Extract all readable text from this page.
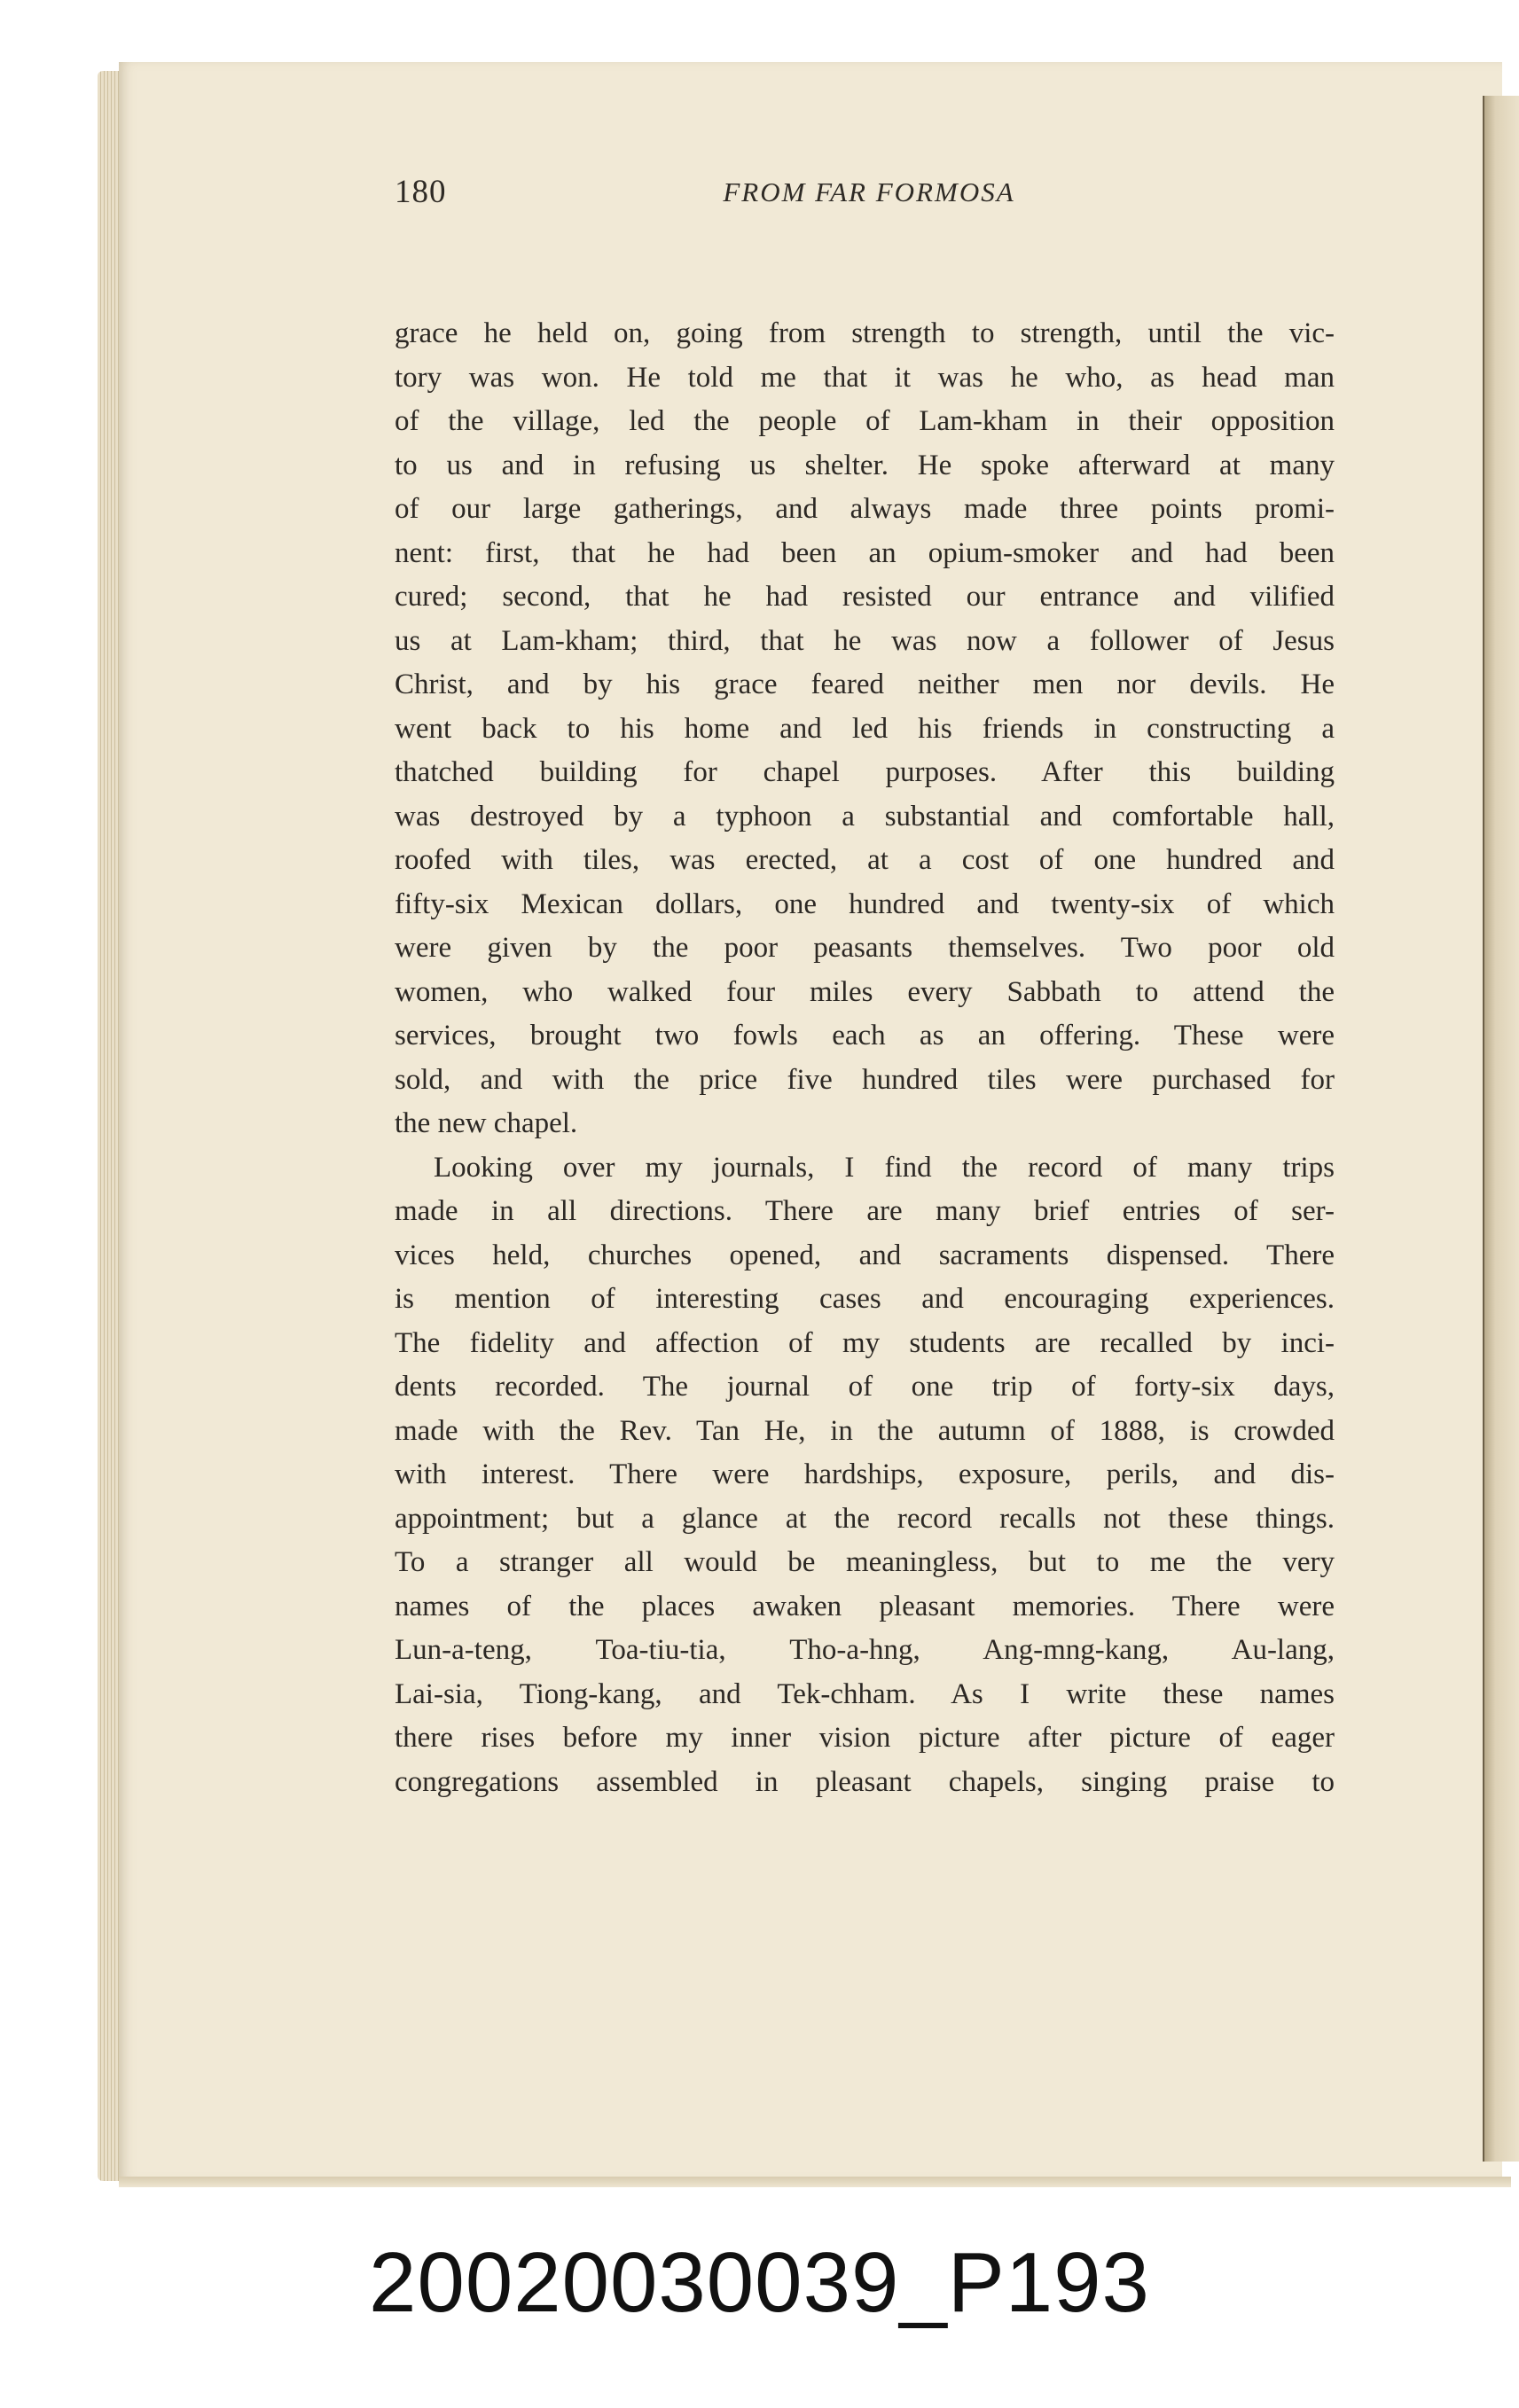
180	FROM FAR FORMOSA
grace he held on, going from strength to strength, until the vic-
tory was won. He told me that it was he who, as head man
of the village, led the people of Lam-kham in their opposition
to us and in refusing us shelter. He spoke afterward at many
of our large gatherings, and always made three points promi-
nent: first, that he had been an opium-smoker and had been
cured; second, that he had resisted our entrance and vilified
us at Lam-kham; third, that he was now a follower of Jesus
Christ, and by his grace feared neither men nor devils. He
went back to his home and led his friends in constructing a
thatched building for chapel purposes. After this building
was destroyed by a typhoon a substantial and comfortable hall,
roofed with tiles, was erected, at a cost of one hundred and
fifty-six Mexican dollars, one hundred and twenty-six of which
were given by the poor peasants themselves. Two poor old
women, who walked four miles every Sabbath to attend the
services, brought two fowls each as an offering. These were
sold, and with the price five hundred tiles were purchased for
the new chapel.
Looking over my journals, I find the record of many trips
made in all directions. There are many brief entries of ser-
vices held, churches opened, and sacraments dispensed. There
is mention of interesting cases and encouraging experiences.
The fidelity and affection of my students are recalled by inci-
dents recorded. The journal of one trip of forty-six days,
made with the Rev. Tan He, in the autumn of 1888, is crowded
with interest. There were hardships, exposure, perils, and dis-
appointment; but a glance at the record recalls not these things.
To a stranger all would be meaningless, but to me the very
names of the places awaken pleasant memories. There were
Lun-a-teng, Toa-tiu-tia, Tho-a-hng, Ang-mng-kang, Au-lang,
Lai-sia, Tiong-kang, and Tek-chham. As I write these names
there rises before my inner vision picture after picture of eager
congregations assembled in pleasant chapels, singing praise to
20020030039_P193
